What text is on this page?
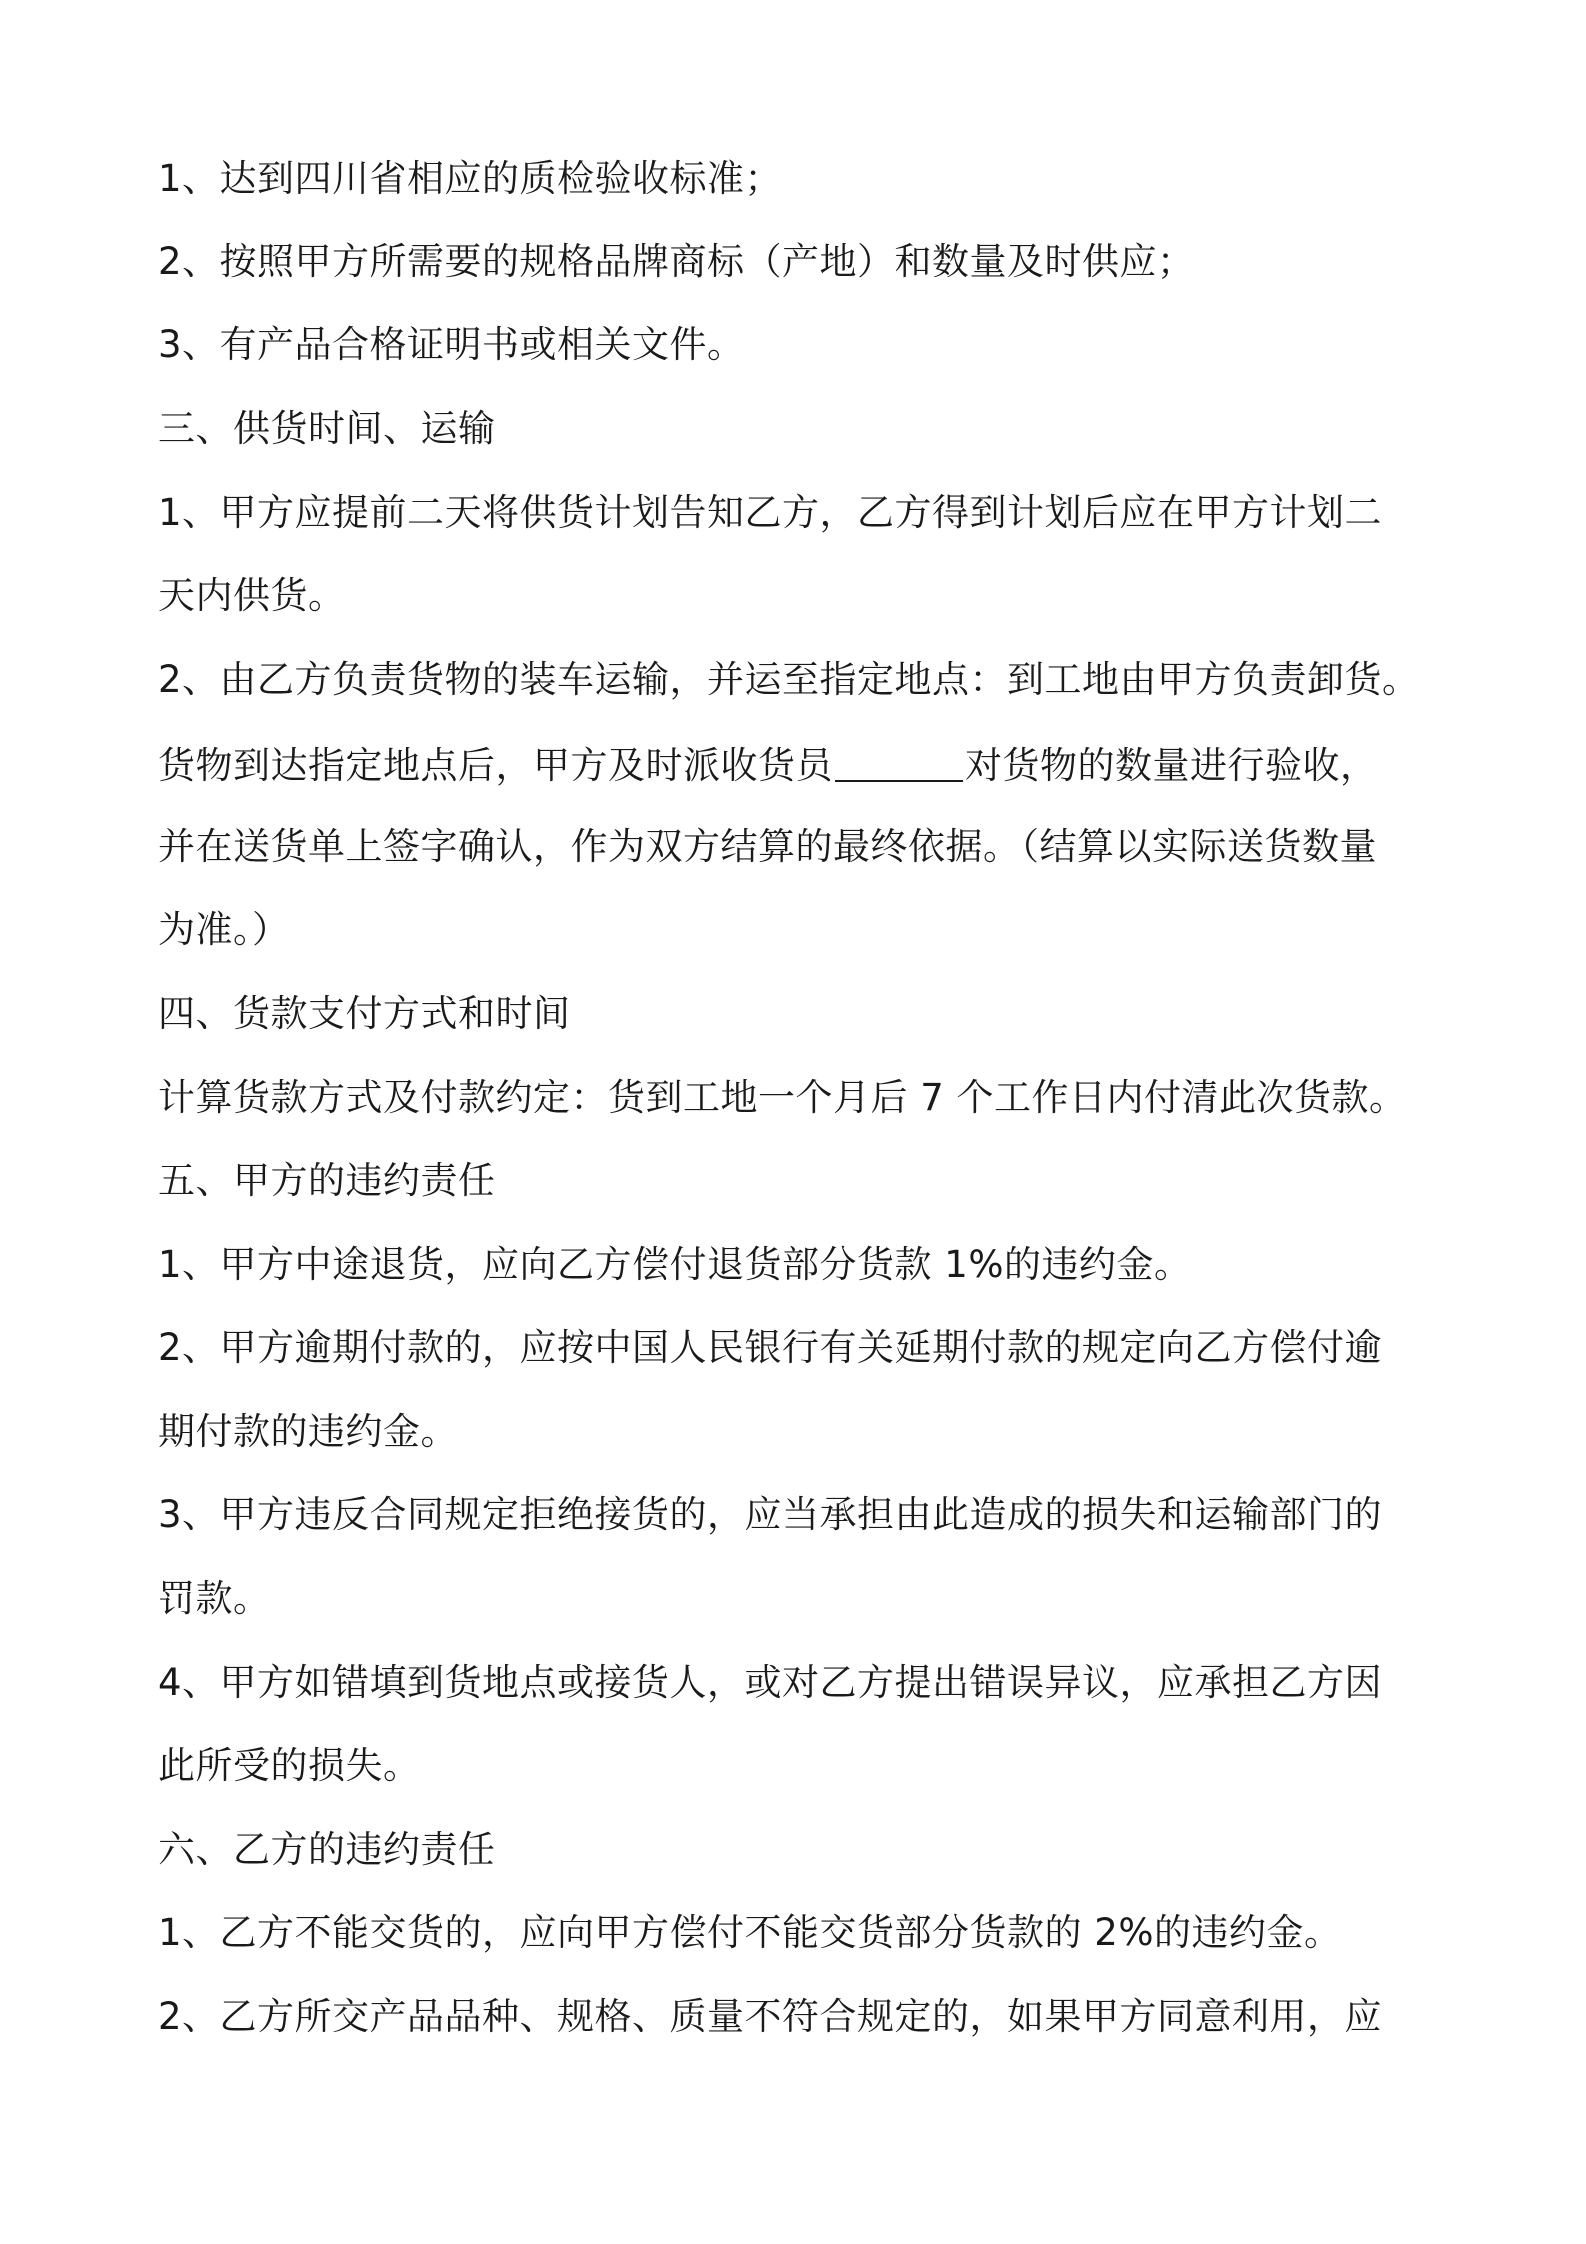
1、达到四川省相应的质检验收标准；
2、按照甲方所需要的规格品牌商标（产地）和数量及时供应；
3、有产品合格证明书或相关文件。
三、供货时间、运输
1、甲方应提前二天将供货计划告知乙方，乙方得到计划后应在甲方计划二
天内供货。
2、由乙方负责货物的装车运输，并运至指定地点：到工地由甲方负责卸货。
货物到达指定地点后，甲方及时派收货员	对货物的数量进行验收，
并在送货单上签字确认，作为双方结算的最终依据。（结算以实际送货数量
为准。）
四、货款支付方式和时间
计算货款方式及付款约定：货到工地一个月后 7 个工作日内付清此次货款。
五、甲方的违约责任
1、甲方中途退货，应向乙方偿付退货部分货款 1%的违约金。
2、甲方逾期付款的，应按中国人民银行有关延期付款的规定向乙方偿付逾
期付款的违约金。
3、甲方违反合同规定拒绝接货的，应当承担由此造成的损失和运输部门的
罚款。
4、甲方如错填到货地点或接货人，或对乙方提出错误异议，应承担乙方因
此所受的损失。
六、乙方的违约责任
1、乙方不能交货的，应向甲方偿付不能交货部分货款的 2%的违约金。
2、乙方所交产品品种、规格、质量不符合规定的，如果甲方同意利用，应
